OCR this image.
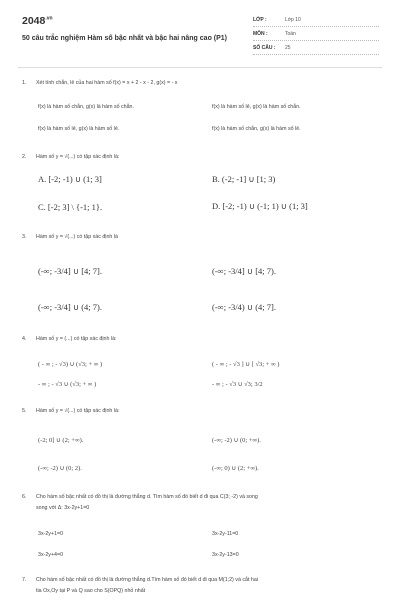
$2048^{.vn}$
50 câu trắc nghiệm Hàm số bậc nhất và bậc hai nâng cao (P1)
LỚP :	Lớp 10
MÔN :	Toán
SỐ CÂU :	25
1. Xét tính chẵn, lẻ của hai hàm số f(x) = x + 2 - x - 2, g(x) = - x
f(x) là hàm số chẵn, g(x) là hàm số chẵn.	f(x) là hàm số lẻ, g(x) là hàm số chẵn.
f(x) là hàm số lẻ, g(x) là hàm số lẻ.	f(x) là hàm số chẵn, g(x) là hàm số lẻ.
2. Hàm số y = √(...) có tập xác định là:
A. [-2; -1) ∪ (1; 3]	B. (-2; -1] ∪ [1; 3)
C. [-2; 3] \ {-1; 1}.	D. [-2; -1) ∪ (-1; 1) ∪ (1; 3]
3. Hàm số y = √(...) có tập xác định là
(-∞; -3/4] ∪ [4; 7].	(-∞; -3/4] ∪ [4; 7).
(-∞; -3/4] ∪ (4; 7).	(-∞; -3/4) ∪ (4; 7].
4. Hàm số y = (...) có tập xác định là:
( - ∞ ; - √3) ∪ (√3; + ∞ )	( - ∞ ; - √3 ] ∪ [ √3; + ∞ )
- ∞ ; - √3 ∪ (√3; + ∞ )	- ∞ ; - √3 ∪ √3; 3/2
5. Hàm số y = √(...) có tập xác định là:
(-2; 0] ∪ (2; +∞).	(-∞; -2) ∪ (0; +∞).
(-∞; -2) ∪ (0; 2).	(-∞; 0) ∪ (2; +∞).
6. Cho hàm số bậc nhất có đồ thị là đường thẳng d. Tìm hàm số đó biết d đi qua C(3; -2) và song
song với Δ: 3x-2y+1=0
3x-2y+1=0	3x-2y-11=0
3x-2y+4=0	3x-2y-13=0
7. Cho hàm số bậc nhất có đồ thị là đường thẳng d.Tìm hàm số đó biết d đi qua M(1;2) và cắt hai
tia Ox,Oy tại P và Q sao cho S(OPQ) nhỏ nhất
